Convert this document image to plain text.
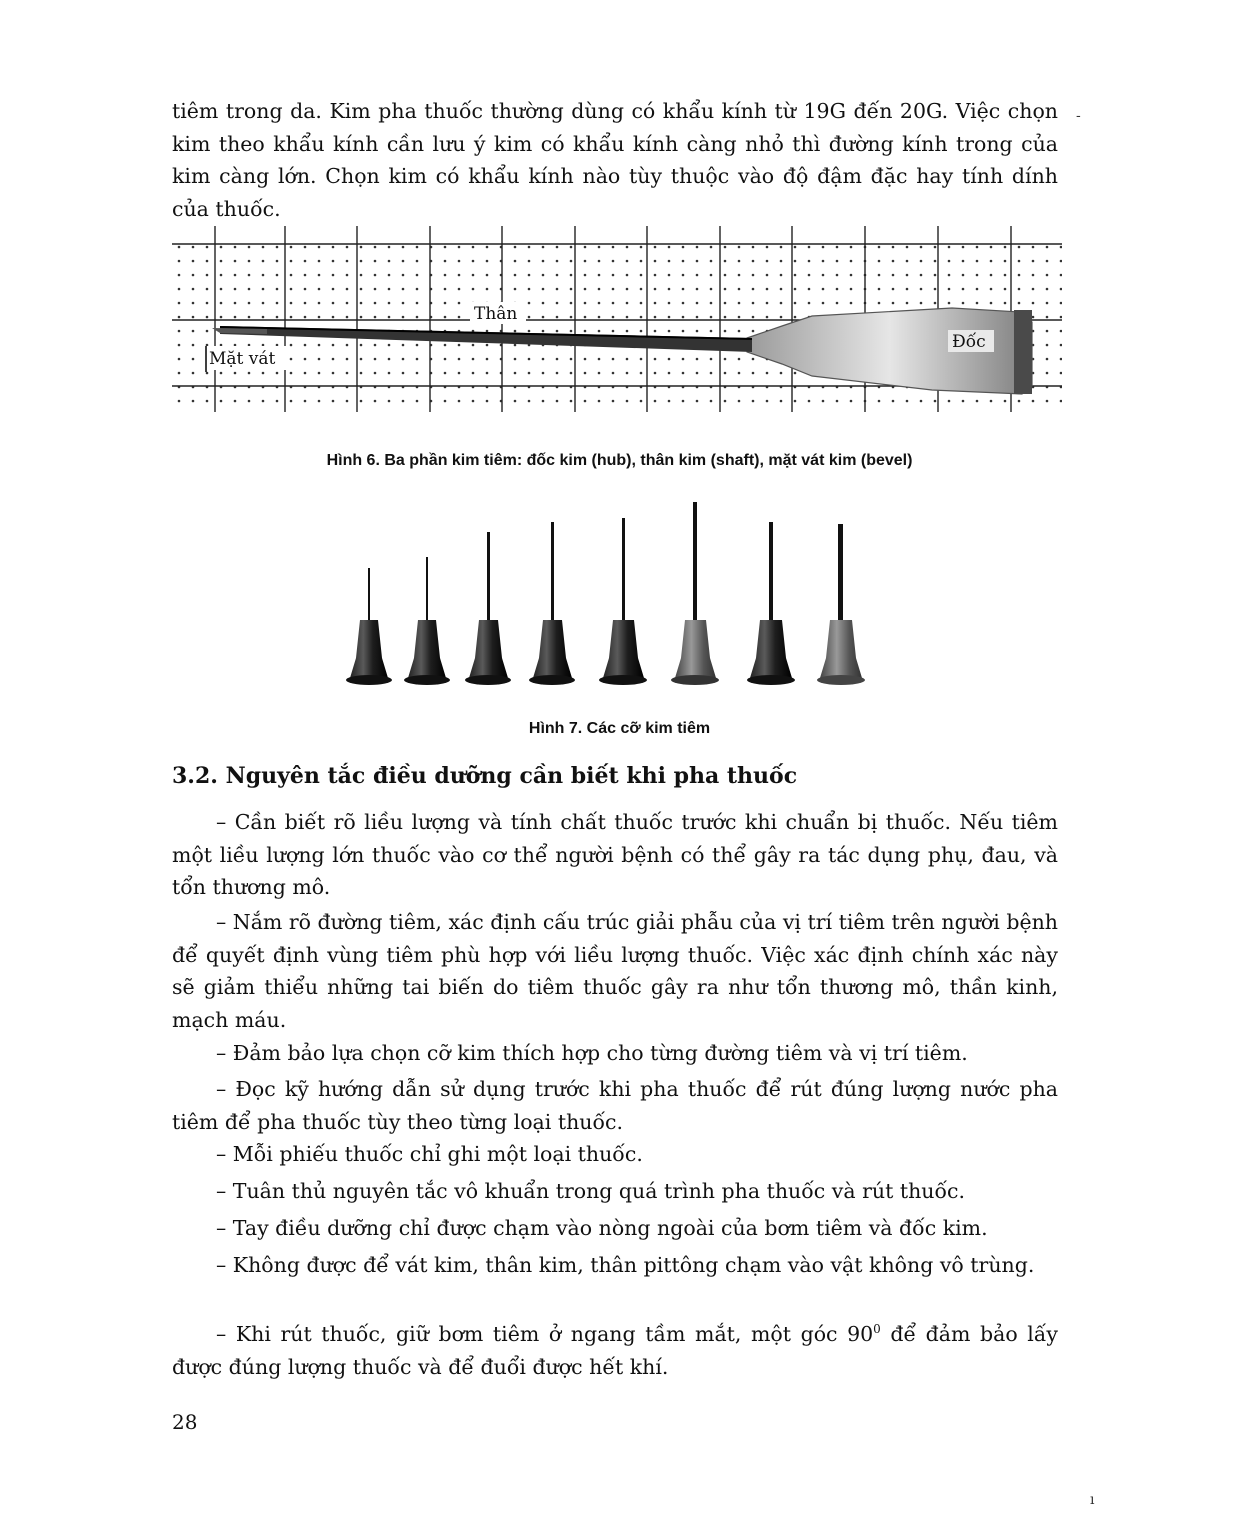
-
ı

tiêm trong da. Kim pha thuốc thường dùng có khẩu kính từ 19G đến 20G. Việc chọn kim theo khẩu kính cần lưu ý kim có khẩu kính càng nhỏ thì đường kính trong của kim càng lớn. Chọn kim có khẩu kính nào tùy thuộc vào độ đậm đặc hay tính dính của thuốc.

Thân
Đốc
Mặt vát

Hình 6. Ba phần kim tiêm: đốc kim (hub), thân kim (shaft), mặt vát kim (bevel)

Hình 7. Các cỡ kim tiêm

3.2. Nguyên tắc điều dưỡng cần biết khi pha thuốc

– Cần biết rõ liều lượng và tính chất thuốc trước khi chuẩn bị thuốc. Nếu tiêm một liều lượng lớn thuốc vào cơ thể người bệnh có thể gây ra tác dụng phụ, đau, và tổn thương mô.

– Nắm rõ đường tiêm, xác định cấu trúc giải phẫu của vị trí tiêm trên người bệnh để quyết định vùng tiêm phù hợp với liều lượng thuốc. Việc xác định chính xác này sẽ giảm thiểu những tai biến do tiêm thuốc gây ra như tổn thương mô, thần kinh, mạch máu.

– Đảm bảo lựa chọn cỡ kim thích hợp cho từng đường tiêm và vị trí tiêm.

– Đọc kỹ hướng dẫn sử dụng trước khi pha thuốc để rút đúng lượng nước pha tiêm để pha thuốc tùy theo từng loại thuốc.

– Mỗi phiếu thuốc chỉ ghi một loại thuốc.

– Tuân thủ nguyên tắc vô khuẩn trong quá trình pha thuốc và rút thuốc.

– Tay điều dưỡng chỉ được chạm vào nòng ngoài của bơm tiêm và đốc kim.

– Không được để vát kim, thân kim, thân pittông chạm vào vật không vô trùng.

– Khi rút thuốc, giữ bơm tiêm ở ngang tầm mắt, một góc $90^0$ để đảm bảo lấy được đúng lượng thuốc và để đuổi được hết khí.

28
